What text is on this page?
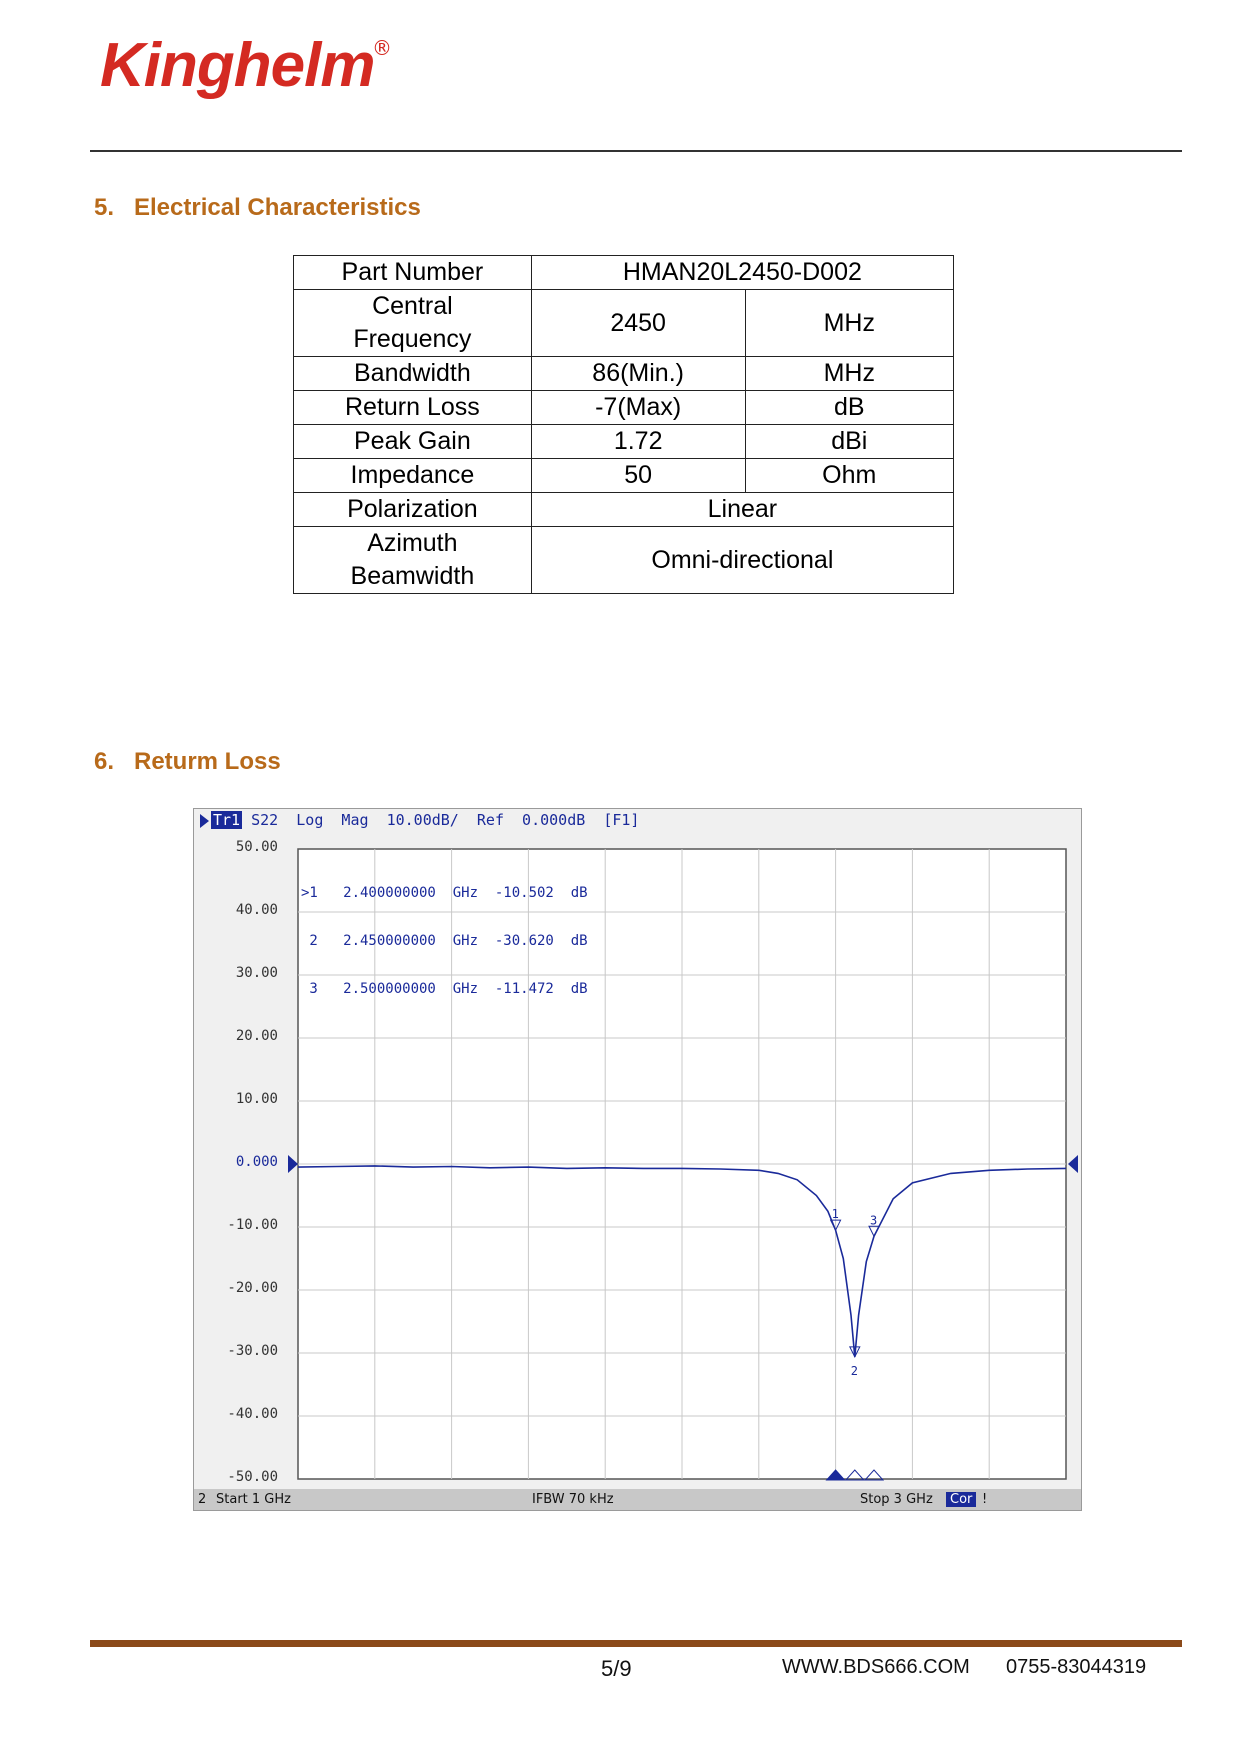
Kinghelm
®
5. Electrical Characteristics
Part Number	HMAN20L2450-D002	

Central
Frequency	2450	MHz
Bandwidth	86(Min.)	MHz
Return Loss	-7(Max)	dB
Peak Gain	1.72	dBi
Impedance	50	Ohm
Polarization	Linear	

Azimuth
Beamwidth	Omni-directional	
6. Returm Loss
1
2
3
Tr1 S22  Log  Mag  10.00dB/  Ref  0.000dB  [F1]
50.00
40.00
30.00
20.00
10.00
0.000
-10.00
-20.00
-30.00
-40.00
-50.00

>1   2.400000000  GHz  -10.502  dB

2   2.450000000  GHz  -30.620  dB

3   2.500000000  GHz  -11.472  dB

2 Start 1 GHz	IFBW 70 kHz	Stop 3 GHz	Cor !
5/9	WWW.BDS666.COM 0755-83044319
